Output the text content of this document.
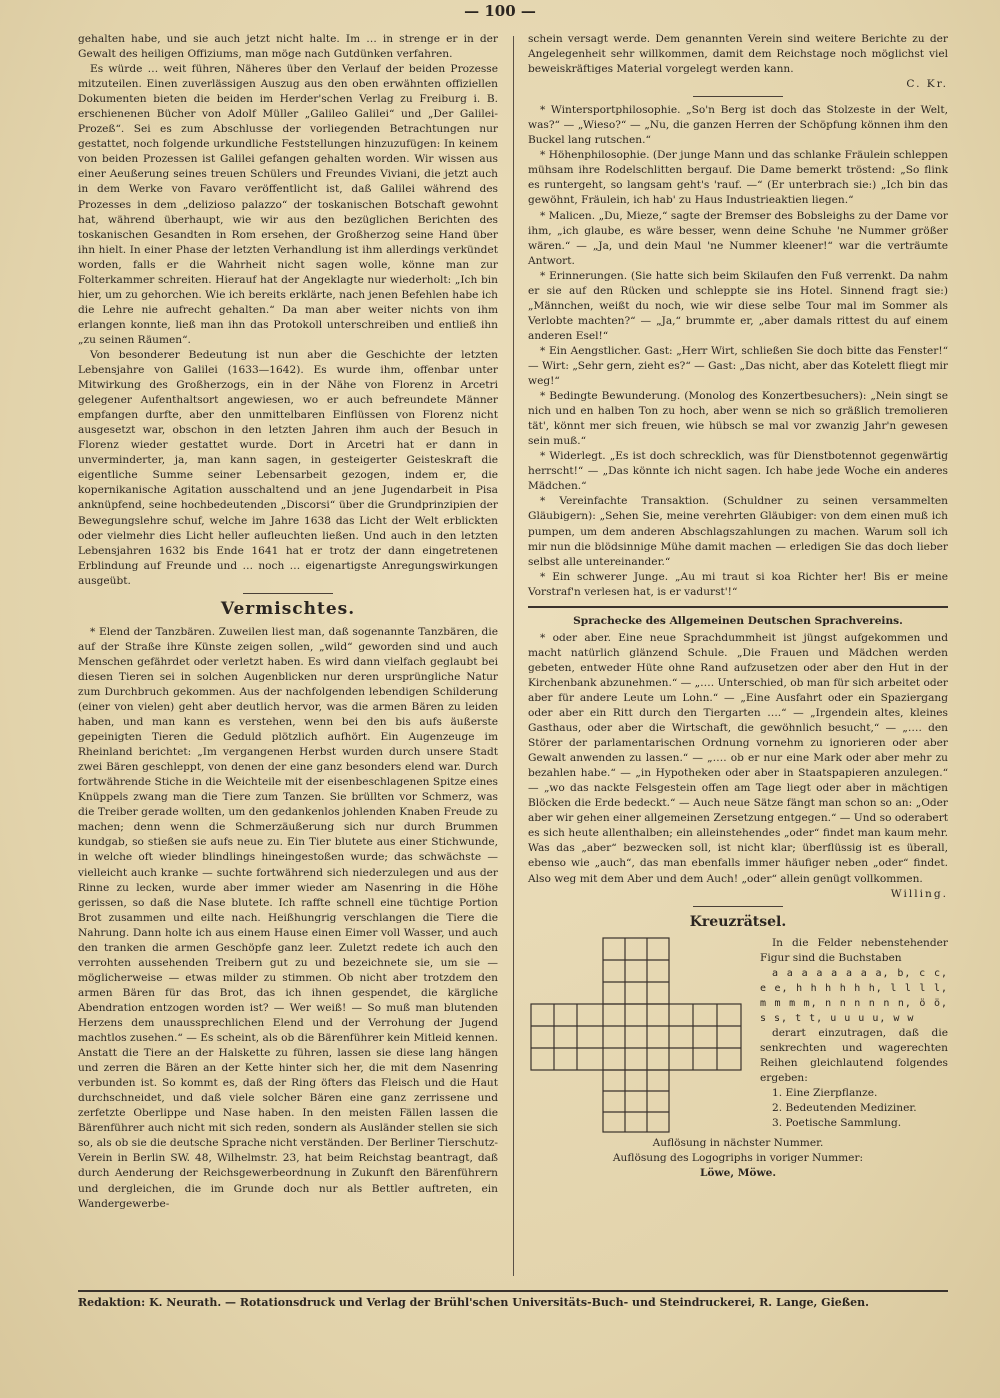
— 100 —

gehalten habe, und sie auch jetzt nicht halte. Im … in strenge er in der Gewalt des heiligen Offiziums, man möge nach Gutdünken verfahren.

Es würde … weit führen, Näheres über den Verlauf der beiden Prozesse mitzuteilen. Einen zuverlässigen Auszug aus den oben erwähnten offiziellen Dokumenten bieten die beiden im Herder'schen Verlag zu Freiburg i. B. erschienenen Bücher von Adolf Müller „Galileo Galilei“ und „Der Galilei-Prozeß“. Sei es zum Abschlusse der vorliegenden Betrachtungen nur gestattet, noch folgende urkundliche Feststellungen hinzuzufügen: In keinem von beiden Prozessen ist Galilei gefangen gehalten worden. Wir wissen aus einer Aeußerung seines treuen Schülers und Freundes Viviani, die jetzt auch in dem Werke von Favaro veröffentlicht ist, daß Galilei während des Prozesses in dem „delizioso palazzo“ der toskanischen Botschaft gewohnt hat, während überhaupt, wie wir aus den bezüglichen Berichten des toskanischen Gesandten in Rom ersehen, der Großherzog seine Hand über ihn hielt. In einer Phase der letzten Verhandlung ist ihm allerdings verkündet worden, falls er die Wahrheit nicht sagen wolle, könne man zur Folterkammer schreiten. Hierauf hat der Angeklagte nur wiederholt: „Ich bin hier, um zu gehorchen. Wie ich bereits erklärte, nach jenen Befehlen habe ich die Lehre nie aufrecht gehalten.“ Da man aber weiter nichts von ihm erlangen konnte, ließ man ihn das Protokoll unterschreiben und entließ ihn „zu seinen Räumen“.

Von besonderer Bedeutung ist nun aber die Geschichte der letzten Lebensjahre von Galilei (1633—1642). Es wurde ihm, offenbar unter Mitwirkung des Großherzogs, ein in der Nähe von Florenz in Arcetri gelegener Aufenthaltsort angewiesen, wo er auch befreundete Männer empfangen durfte, aber den unmittelbaren Einflüssen von Florenz nicht ausgesetzt war, obschon in den letzten Jahren ihm auch der Besuch in Florenz wieder gestattet wurde. Dort in Arcetri hat er dann in unverminderter, ja, man kann sagen, in gesteigerter Geisteskraft die eigentliche Summe seiner Lebensarbeit gezogen, indem er, die kopernikanische Agitation ausschaltend und an jene Jugendarbeit in Pisa anknüpfend, seine hochbedeutenden „Discorsi“ über die Grundprinzipien der Bewegungslehre schuf, welche im Jahre 1638 das Licht der Welt erblickten oder vielmehr dies Licht heller aufleuchten ließen. Und auch in den letzten Lebensjahren 1632 bis Ende 1641 hat er trotz der dann eingetretenen Erblindung auf Freunde und … noch … eigenartigste Anregungswirkungen ausgeübt.

Vermischtes.

* Elend der Tanzbären. Zuweilen liest man, daß sogenannte Tanzbären, die auf der Straße ihre Künste zeigen sollen, „wild“ geworden sind und auch Menschen gefährdet oder verletzt haben. Es wird dann vielfach geglaubt bei diesen Tieren sei in solchen Augenblicken nur deren ursprüngliche Natur zum Durchbruch gekommen. Aus der nachfolgenden lebendigen Schilderung (einer von vielen) geht aber deutlich hervor, was die armen Bären zu leiden haben, und man kann es verstehen, wenn bei den bis aufs äußerste gepeinigten Tieren die Geduld plötzlich aufhört. Ein Augenzeuge im Rheinland berichtet: „Im vergangenen Herbst wurden durch unsere Stadt zwei Bären geschleppt, von denen der eine ganz besonders elend war. Durch fortwährende Stiche in die Weichteile mit der eisenbeschlagenen Spitze eines Knüppels zwang man die Tiere zum Tanzen. Sie brüllten vor Schmerz, was die Treiber gerade wollten, um den gedankenlos johlenden Knaben Freude zu machen; denn wenn die Schmerzäußerung sich nur durch Brummen kundgab, so stießen sie aufs neue zu. Ein Tier blutete aus einer Stichwunde, in welche oft wieder blindlings hineingestoßen wurde; das schwächste — vielleicht auch kranke — suchte fortwährend sich niederzulegen und aus der Rinne zu lecken, wurde aber immer wieder am Nasenring in die Höhe gerissen, so daß die Nase blutete. Ich raffte schnell eine tüchtige Portion Brot zusammen und eilte nach. Heißhungrig verschlangen die Tiere die Nahrung. Dann holte ich aus einem Hause einen Eimer voll Wasser, und auch den tranken die armen Geschöpfe ganz leer. Zuletzt redete ich auch den verrohten aussehenden Treibern gut zu und bezeichnete sie, um sie — möglicherweise — etwas milder zu stimmen. Ob nicht aber trotzdem den armen Bären für das Brot, das ich ihnen gespendet, die kärgliche Abendration entzogen worden ist? — Wer weiß! — So muß man blutenden Herzens dem unaussprechlichen Elend und der Verrohung der Jugend machtlos zusehen.“ — Es scheint, als ob die Bärenführer kein Mitleid kennen. Anstatt die Tiere an der Halskette zu führen, lassen sie diese lang hängen und zerren die Bären an der Kette hinter sich her, die mit dem Nasenring verbunden ist. So kommt es, daß der Ring öfters das Fleisch und die Haut durchschneidet, und daß viele solcher Bären eine ganz zerrissene und zerfetzte Oberlippe und Nase haben. In den meisten Fällen lassen die Bärenführer auch nicht mit sich reden, sondern als Ausländer stellen sie sich so, als ob sie die deutsche Sprache nicht verständen. Der Berliner Tierschutz-Verein in Berlin SW. 48, Wilhelmstr. 23, hat beim Reichstag beantragt, daß durch Aenderung der Reichsgewerbeordnung in Zukunft den Bärenführern und dergleichen, die im Grunde doch nur als Bettler auftreten, ein Wandergewerbe-

schein versagt werde. Dem genannten Verein sind weitere Berichte zu der Angelegenheit sehr willkommen, damit dem Reichstage noch möglichst viel beweiskräftiges Material vorgelegt werden kann.

C. Kr.

* Wintersportphilosophie. „So'n Berg ist doch das Stolzeste in der Welt, was?“ — „Wieso?“ — „Nu, die ganzen Herren der Schöpfung können ihm den Buckel lang rutschen.“

* Höhenphilosophie. (Der junge Mann und das schlanke Fräulein schleppen mühsam ihre Rodelschlitten bergauf. Die Dame bemerkt tröstend: „So flink es runtergeht, so langsam geht's 'rauf. —“ (Er unterbrach sie:) „Ich bin das gewöhnt, Fräulein, ich hab' zu Haus Industrieaktien liegen.“

* Malicen. „Du, Mieze,“ sagte der Bremser des Bobsleighs zu der Dame vor ihm, „ich glaube, es wäre besser, wenn deine Schuhe 'ne Nummer größer wären.“ — „Ja, und dein Maul 'ne Nummer kleener!“ war die verträumte Antwort.

* Erinnerungen. (Sie hatte sich beim Skilaufen den Fuß verrenkt. Da nahm er sie auf den Rücken und schleppte sie ins Hotel. Sinnend fragt sie:) „Männchen, weißt du noch, wie wir diese selbe Tour mal im Sommer als Verlobte machten?“ — „Ja,“ brummte er, „aber damals rittest du auf einem anderen Esel!“

* Ein Aengstlicher. Gast: „Herr Wirt, schließen Sie doch bitte das Fenster!“ — Wirt: „Sehr gern, zieht es?“ — Gast: „Das nicht, aber das Kotelett fliegt mir weg!“

* Bedingte Bewunderung. (Monolog des Konzertbesuchers): „Nein singt se nich und en halben Ton zu hoch, aber wenn se nich so gräßlich tremolieren tät', könnt mer sich freuen, wie hübsch se mal vor zwanzig Jahr'n gewesen sein muß.“

* Widerlegt. „Es ist doch schrecklich, was für Dienstbotennot gegenwärtig herrscht!“ — „Das könnte ich nicht sagen. Ich habe jede Woche ein anderes Mädchen.“

* Vereinfachte Transaktion. (Schuldner zu seinen versammelten Gläubigern): „Sehen Sie, meine verehrten Gläubiger: von dem einen muß ich pumpen, um dem anderen Abschlagszahlungen zu machen. Warum soll ich mir nun die blödsinnige Mühe damit machen — erledigen Sie das doch lieber selbst alle untereinander.“

* Ein schwerer Junge. „Au mi traut si koa Richter her! Bis er meine Vorstraf'n verlesen hat, is er vadurst'!“

Sprachecke des Allgemeinen Deutschen Sprachvereins.

* oder aber. Eine neue Sprachdummheit ist jüngst aufgekommen und macht natürlich glänzend Schule. „Die Frauen und Mädchen werden gebeten, entweder Hüte ohne Rand aufzusetzen oder aber den Hut in der Kirchenbank abzunehmen.“ — „…. Unterschied, ob man für sich arbeitet oder aber für andere Leute um Lohn.“ — „Eine Ausfahrt oder ein Spaziergang oder aber ein Ritt durch den Tiergarten ….“ — „Irgendein altes, kleines Gasthaus, oder aber die Wirtschaft, die gewöhnlich besucht,“ — „…. den Störer der parlamentarischen Ordnung vornehm zu ignorieren oder aber Gewalt anwenden zu lassen.“ — „…. ob er nur eine Mark oder aber mehr zu bezahlen habe.“ — „in Hypotheken oder aber in Staatspapieren anzulegen.“ — „wo das nackte Felsgestein offen am Tage liegt oder aber in mächtigen Blöcken die Erde bedeckt.“ — Auch neue Sätze fängt man schon so an: „Oder aber wir gehen einer allgemeinen Zersetzung entgegen.“ — Und so oderabert es sich heute allenthalben; ein alleinstehendes „oder“ findet man kaum mehr. Was das „aber“ bezwecken soll, ist nicht klar; überflüssig ist es überall, ebenso wie „auch“, das man ebenfalls immer häufiger neben „oder“ findet. Also weg mit dem Aber und dem Auch! „oder“ allein genügt vollkommen.

Willing.
Kreuzrätsel.

In die Felder nebenstehender Figur sind die Buchstaben

a a a a a a a a, b, c c, e e, h h h h h h, l l l l, m m m m, n n n n n n, ö ö, s s, t t, u u u u, w w

derart einzutragen, daß die senkrechten und wagerechten Reihen gleichlautend folgendes ergeben:

1. Eine Zierpflanze.

2. Bedeutenden Mediziner.

3. Poetische Sammlung.

Auflösung in nächster Nummer.
Auflösung des Logogriphs in voriger Nummer:
Löwe, Möwe.
Redaktion: K. Neurath. — Rotationsdruck und Verlag der Brühl'schen Universitäts-Buch- und Steindruckerei, R. Lange, Gießen.
